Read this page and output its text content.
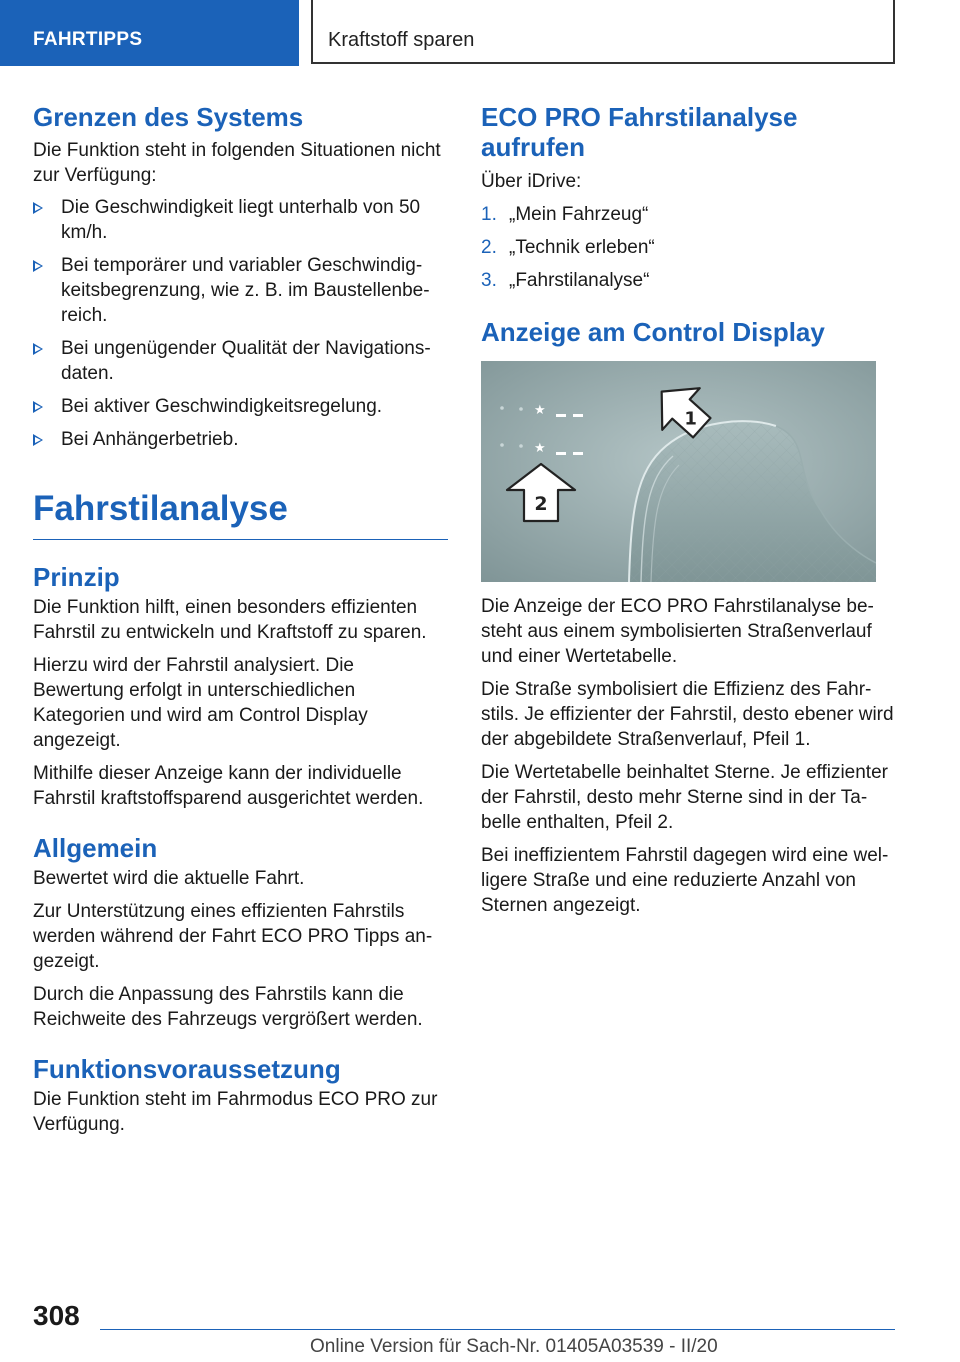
FAHRTIPPS	Kraftstoff sparen
Grenzen des Systems

Die Funktion steht in folgenden Situationen nicht zur Verfügung:

Die Geschwindigkeit liegt unterhalb von 50 km/h.
Bei temporärer und variabler Geschwindigkeitsbegrenzung, wie z. B. im Baustellenbereich.
Bei ungenügender Qualität der Navigationsdaten.
Bei aktiver Geschwindigkeitsregelung.
Bei Anhängerbetrieb.
Fahrstilanalyse
Prinzip

Die Funktion hilft, einen besonders effizienten Fahrstil zu entwickeln und Kraftstoff zu sparen.

Hierzu wird der Fahrstil analysiert. Die Bewertung erfolgt in unterschiedlichen Kategorien und wird am Control Display angezeigt.

Mithilfe dieser Anzeige kann der individuelle Fahrstil kraftstoffsparend ausgerichtet werden.

Allgemein

Bewertet wird die aktuelle Fahrt.

Zur Unterstützung eines effizienten Fahrstils werden während der Fahrt ECO PRO Tipps angezeigt.

Durch die Anpassung des Fahrstils kann die Reichweite des Fahrzeugs vergrößert werden.

Funktionsvoraussetzung

Die Funktion steht im Fahrmodus ECO PRO zur Verfügung.

ECO PRO Fahrstilanalyse aufrufen

Über iDrive:

1. „Mein Fahrzeug“
2. „Technik erleben“
3. „Fahrstilanalyse“
Anzeige am Control Display
★
★
2
1

Die Anzeige der ECO PRO Fahrstilanalyse besteht aus einem symbolisierten Straßenverlauf und einer Wertetabelle.

Die Straße symbolisiert die Effizienz des Fahrstils. Je effizienter der Fahrstil, desto ebener wird der abgebildete Straßenverlauf, Pfeil 1.

Die Wertetabelle beinhaltet Sterne. Je effizienter der Fahrstil, desto mehr Sterne sind in der Tabelle enthalten, Pfeil 2.

Bei ineffizientem Fahrstil dagegen wird eine welligere Straße und eine reduzierte Anzahl von Sternen angezeigt.

308
Online Version für Sach-Nr. 01405A03539 - II/20
